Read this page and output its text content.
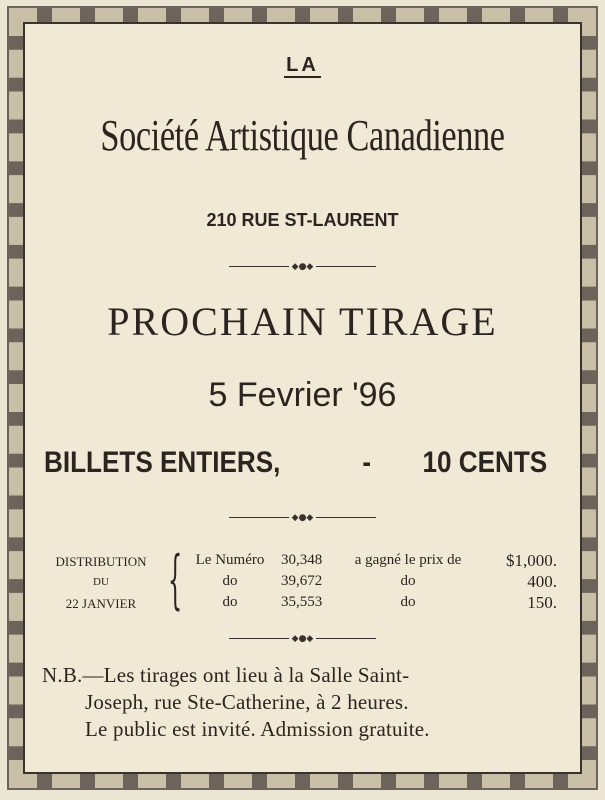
LA
Société Artistique Canadienne
210 RUE ST-LAURENT
◆●◆
PROCHAIN TIRAGE
5 Fevrier '96
BILLETS ENTIERS,	- 10 CENTS
◆●◆
DISTRIBUTION
DU
22 JANVIER { Le Numéro	30,348	a gagné le prix de	$1,000.
do	39,672	do	400.
do	35,553	do	150.
◆●◆
N.B.—Les tirages ont lieu à la Salle Saint-
Joseph, rue Ste-Catherine, à 2 heures.
Le public est invité. Admission gratuite.
